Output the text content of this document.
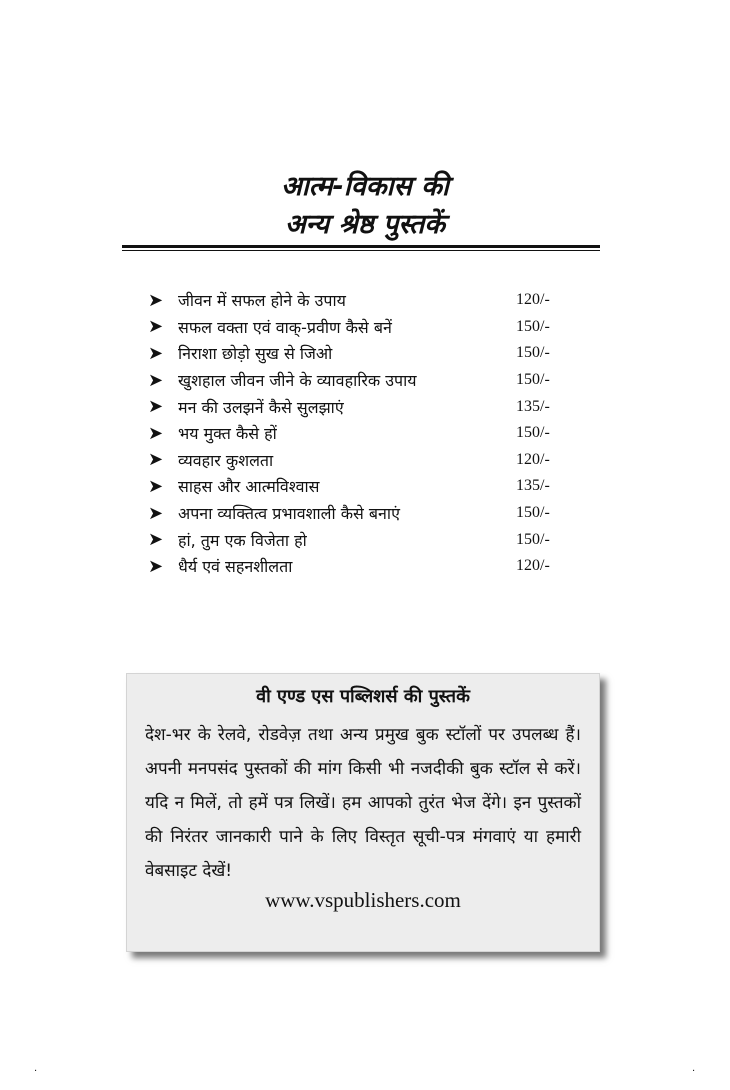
आत्म-विकास की
अन्य श्रेष्ठ पुस्तकें
➤ जीवन में सफल होने के उपाय	120/-
➤ सफल वक्ता एवं वाक्-प्रवीण कैसे बनें	150/-
➤ निराशा छोड़ो सुख से जिओ	150/-
➤ खुशहाल जीवन जीने के व्यावहारिक उपाय	150/-
➤ मन की उलझनें कैसे सुलझाएं	135/-
➤ भय मुक्त कैसे हों	150/-
➤ व्यवहार कुशलता	120/-
➤ साहस और आत्मविश्वास	135/-
➤ अपना व्यक्तित्व प्रभावशाली कैसे बनाएं	150/-
➤ हां, तुम एक विजेता हो	150/-
➤ धैर्य एवं सहनशीलता	120/-
वी एण्ड एस पब्लिशर्स की पुस्तकें
देश-भर के रेलवे, रोडवेज़ तथा अन्य प्रमुख बुक स्टॉलों पर उपलब्ध हैं। अपनी मनपसंद पुस्तकों की मांग किसी भी नजदीकी बुक स्टॉल से करें। यदि न मिलें, तो हमें पत्र लिखें। हम आपको तुरंत भेज देंगे। इन पुस्तकों की निरंतर जानकारी पाने के लिए विस्तृत सूची-पत्र मंगवाएं या हमारी वेबसाइट देखें!
www.vspublishers.com
.	.
